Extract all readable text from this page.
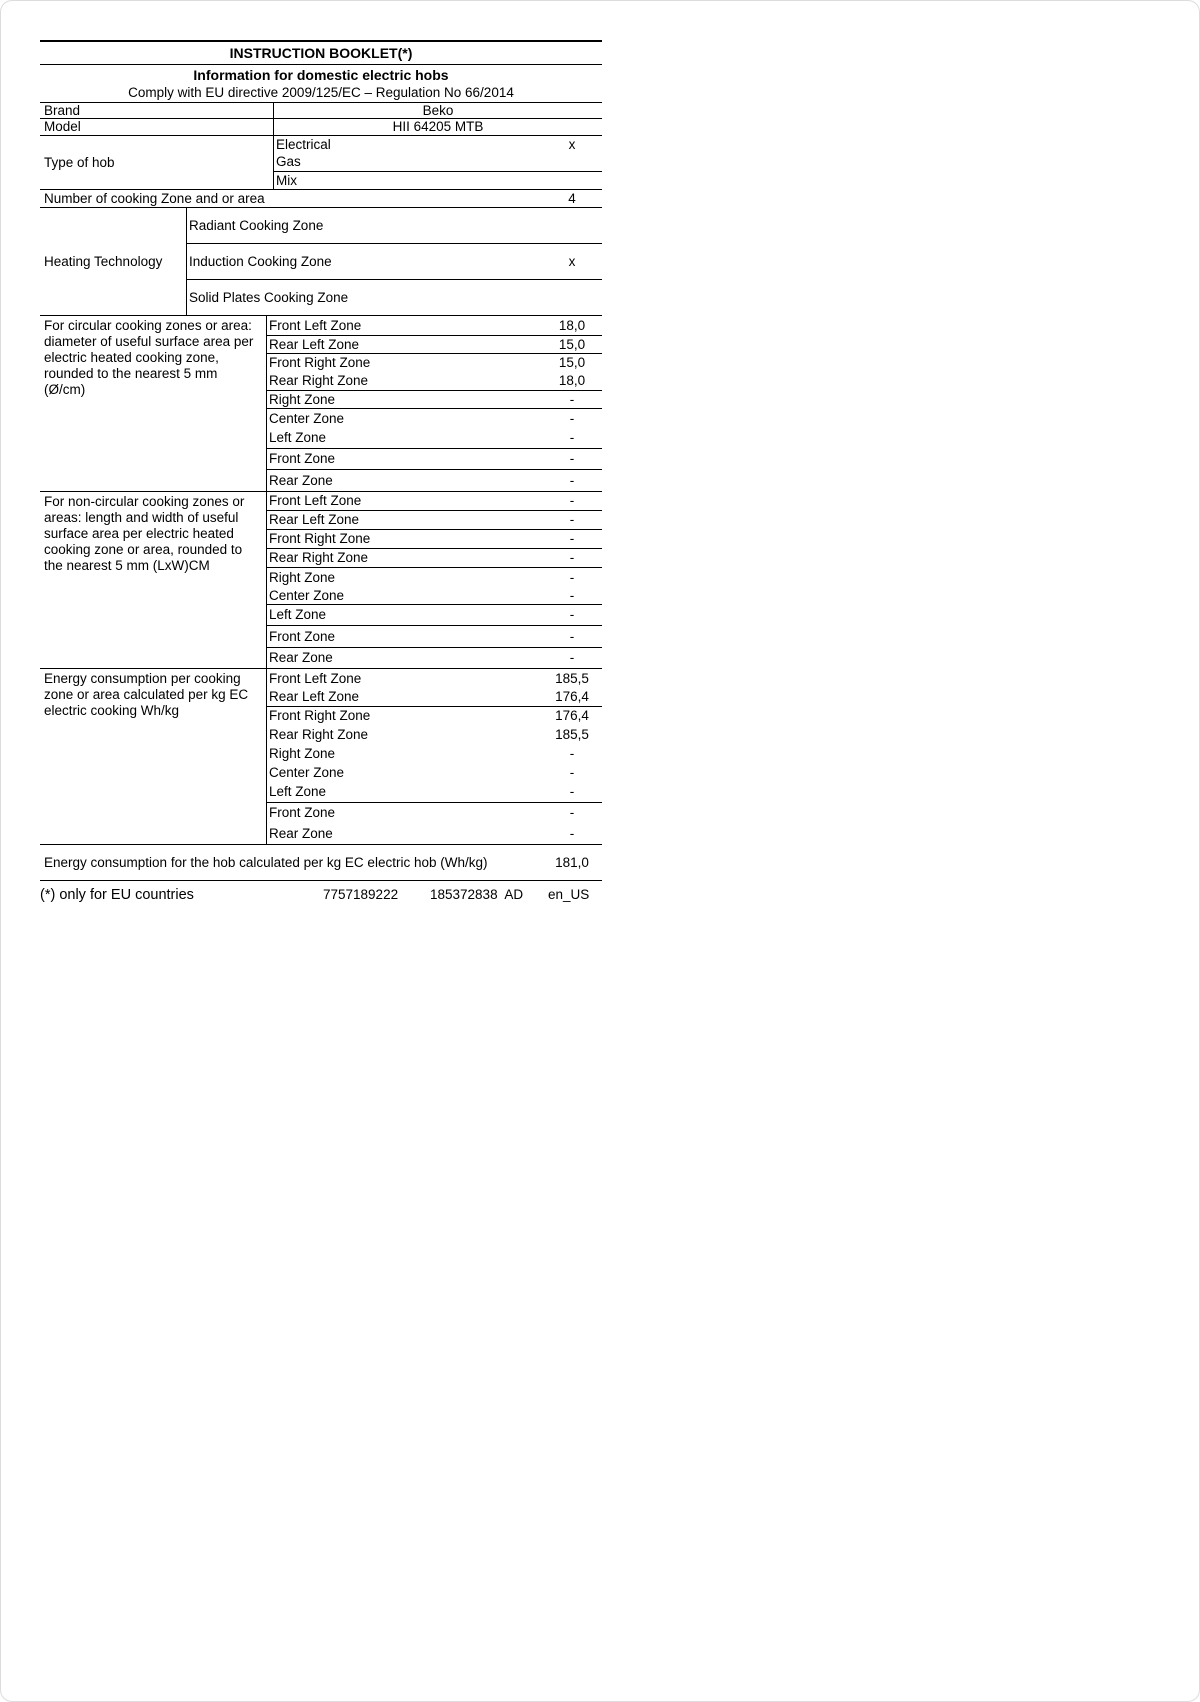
INSTRUCTION BOOKLET(*)
Information for domestic electric hobs
Comply with EU directive 2009/125/EC – Regulation No 66/2014
Brand	Beko
Model	HII 64205 MTB
Type of hob
Electrical	x
Gas
Mix
Number of cooking Zone and or area	4
Heating Technology
Radiant Cooking Zone
Induction Cooking Zone	x
Solid Plates Cooking Zone
For circular cooking zones or area: diameter of useful surface area per electric heated cooking zone, rounded to the nearest 5 mm (Ø/cm)
Front Left Zone	18,0
Rear Left Zone	15,0
Front Right Zone	15,0
Rear Right Zone	18,0
Right Zone	-
Center Zone	-
Left Zone	-
Front Zone	-
Rear Zone	-
For non-circular cooking zones or areas: length and width of useful surface area per electric heated cooking zone or area, rounded to the nearest 5 mm (LxW)CM
Front Left Zone	-
Rear Left Zone	-
Front Right Zone	-
Rear Right Zone	-
Right Zone	-
Center Zone	-
Left Zone	-
Front Zone	-
Rear Zone	-
Energy consumption per cooking zone or area calculated per kg EC electric cooking Wh/kg
Front Left Zone	185,5
Rear Left Zone	176,4
Front Right Zone	176,4
Rear Right Zone	185,5
Right Zone	-
Center Zone	-
Left Zone	-
Front Zone	-
Rear Zone	-
Energy consumption for the hob calculated per kg EC electric hob (Wh/kg)	181,0
(*) only for EU countries	7757189222	185372838  AD	en_US
